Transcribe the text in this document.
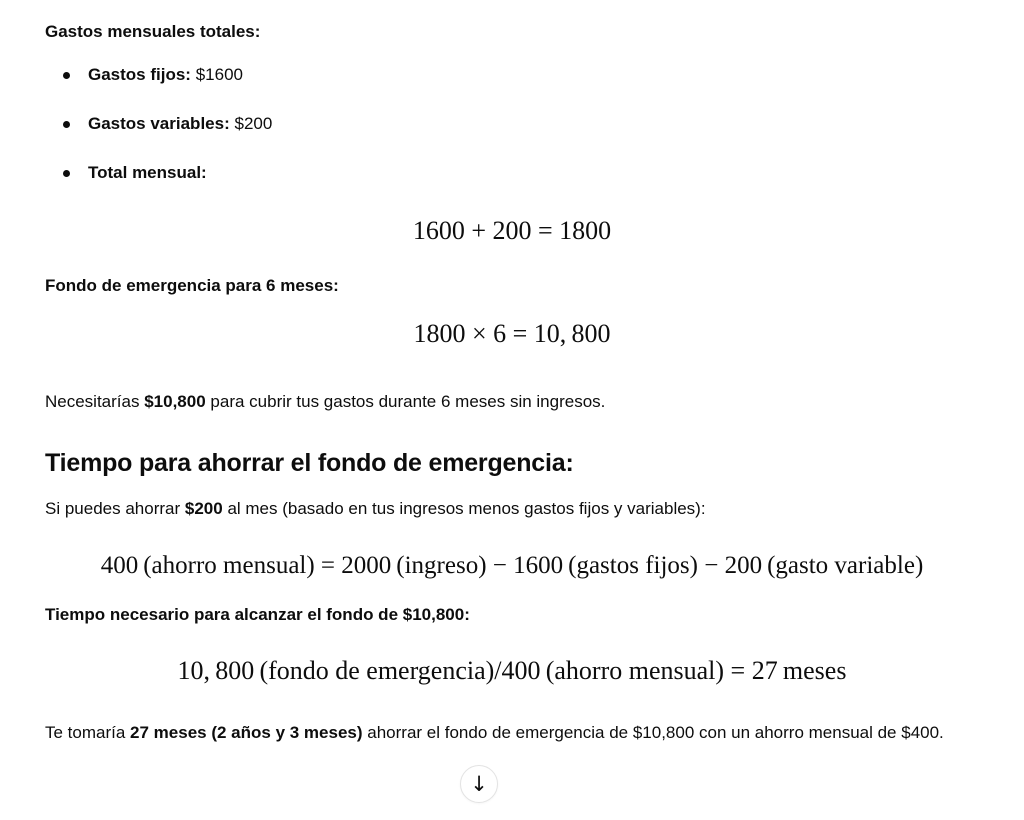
Gastos mensuales totales:

Gastos fijos: $1600
Gastos variables: $200
Total mensual:

1600 + 200 = 1800

Fondo de emergencia para 6 meses:

1800 × 6 = 10, 800

Necesitarías $10,800 para cubrir tus gastos durante 6 meses sin ingresos.

Tiempo para ahorrar el fondo de emergencia:

Si puedes ahorrar $200 al mes (basado en tus ingresos menos gastos fijos y variables):

400 (ahorro mensual) = 2000 (ingreso) − 1600 (gastos fijos) − 200 (gasto variable)

Tiempo necesario para alcanzar el fondo de $10,800:

10, 800 (fondo de emergencia)/400 (ahorro mensual) = 27 meses

Te tomaría 27 meses (2 años y 3 meses) ahorrar el fondo de emergencia de $10,800 con un ahorro mensual de $400.

↓
